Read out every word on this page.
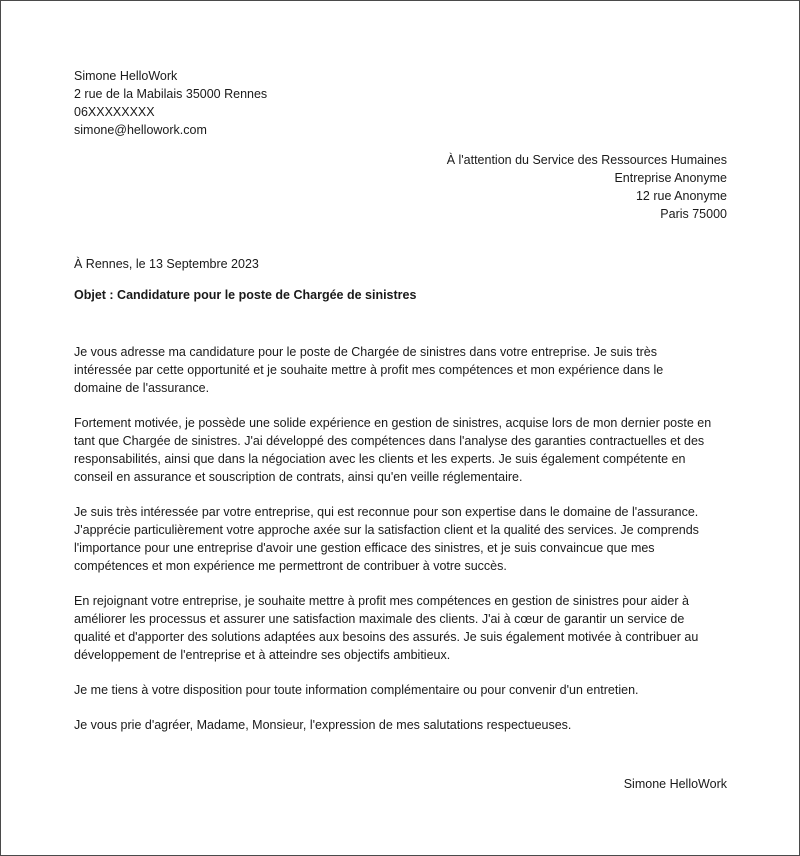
Simone HelloWork
2 rue de la Mabilais 35000 Rennes
06XXXXXXXX
simone@hellowork.com
À l'attention du Service des Ressources Humaines
Entreprise Anonyme
12 rue Anonyme
Paris 75000
À Rennes, le 13 Septembre 2023
Objet : Candidature pour le poste de Chargée de sinistres

Je vous adresse ma candidature pour le poste de Chargée de sinistres dans votre entreprise. Je suis très
intéressée par cette opportunité et je souhaite mettre à profit mes compétences et mon expérience dans le
domaine de l'assurance.

Fortement motivée, je possède une solide expérience en gestion de sinistres, acquise lors de mon dernier poste en
tant que Chargée de sinistres. J'ai développé des compétences dans l'analyse des garanties contractuelles et des
responsabilités, ainsi que dans la négociation avec les clients et les experts. Je suis également compétente en
conseil en assurance et souscription de contrats, ainsi qu'en veille réglementaire.

Je suis très intéressée par votre entreprise, qui est reconnue pour son expertise dans le domaine de l'assurance.
J'apprécie particulièrement votre approche axée sur la satisfaction client et la qualité des services. Je comprends
l'importance pour une entreprise d'avoir une gestion efficace des sinistres, et je suis convaincue que mes
compétences et mon expérience me permettront de contribuer à votre succès.

En rejoignant votre entreprise, je souhaite mettre à profit mes compétences en gestion de sinistres pour aider à
améliorer les processus et assurer une satisfaction maximale des clients. J'ai à cœur de garantir un service de
qualité et d'apporter des solutions adaptées aux besoins des assurés. Je suis également motivée à contribuer au
développement de l'entreprise et à atteindre ses objectifs ambitieux.

Je me tiens à votre disposition pour toute information complémentaire ou pour convenir d'un entretien.

Je vous prie d'agréer, Madame, Monsieur, l'expression de mes salutations respectueuses.

Simone HelloWork
